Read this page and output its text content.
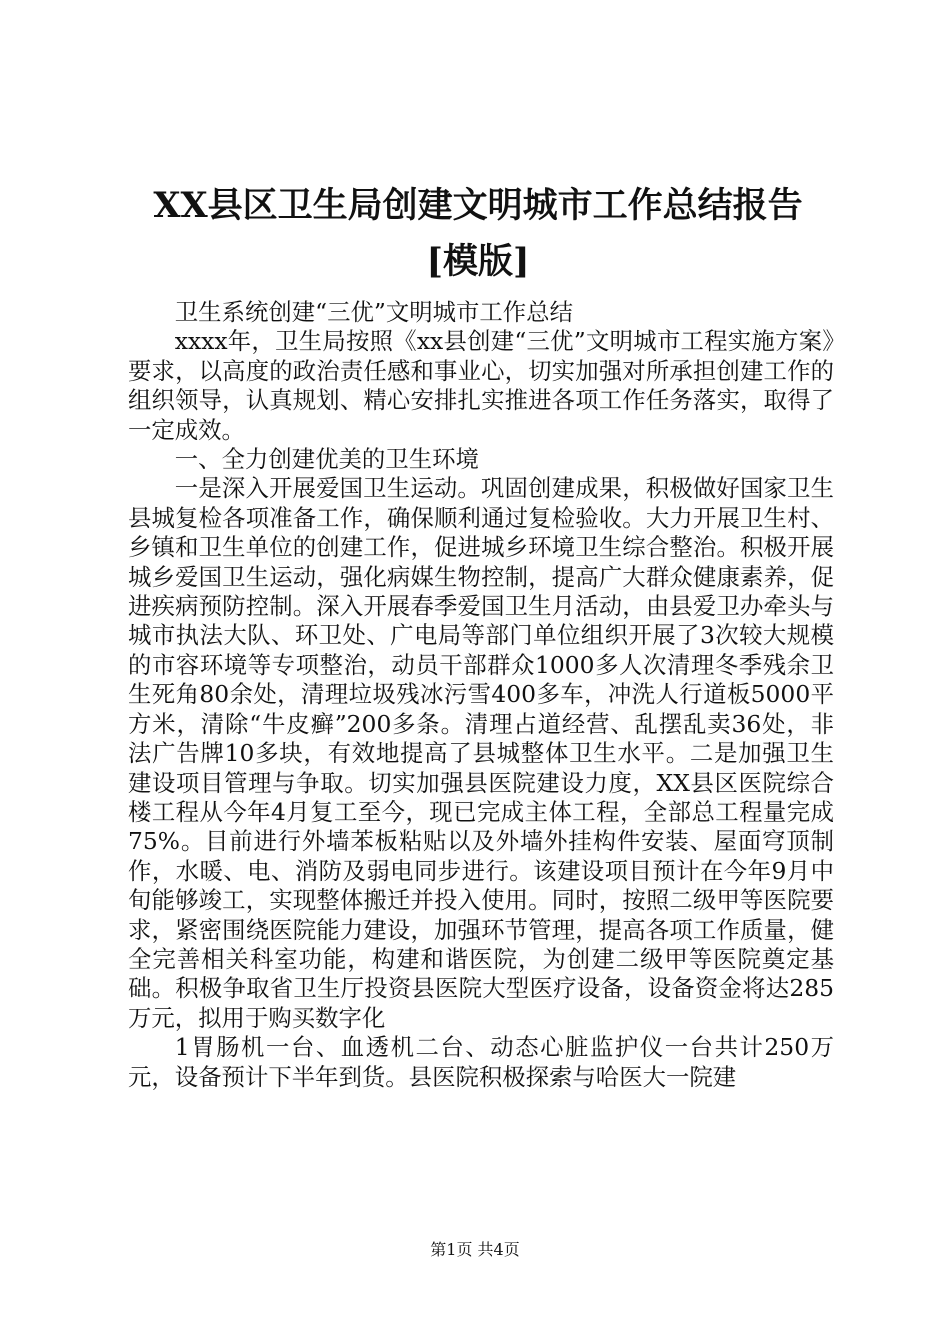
XX县区卫生局创建文明城市工作总结报告[模版]

卫生系统创建“三优”文明城市工作总结

xxxx年，卫生局按照《xx县创建“三优”文明城市工程实施方案》要求，以高度的政治责任感和事业心，切实加强对所承担创建工作的组织领导，认真规划、精心安排扎实推进各项工作任务落实，取得了一定成效。

一、全力创建优美的卫生环境

一是深入开展爱国卫生运动。巩固创建成果，积极做好国家卫生县城复检各项准备工作，确保顺利通过复检验收。大力开展卫生村、乡镇和卫生单位的创建工作，促进城乡环境卫生综合整治。积极开展城乡爱国卫生运动，强化病媒生物控制，提高广大群众健康素养，促进疾病预防控制。深入开展春季爱国卫生月活动，由县爱卫办牵头与城市执法大队、环卫处、广电局等部门单位组织开展了3次较大规模的市容环境等专项整治，动员干部群众1000多人次清理冬季残余卫生死角80余处，清理垃圾残冰污雪400多车，冲洗人行道板5000平方米，清除“牛皮癣”200多条。清理占道经营、乱摆乱卖36处，非法广告牌10多块，有效地提高了县城整体卫生水平。二是加强卫生建设项目管理与争取。切实加强县医院建设力度，XX县区医院综合楼工程从今年4月复工至今，现已完成主体工程，全部总工程量完成75%。目前进行外墙苯板粘贴以及外墙外挂构件安装、屋面穹顶制作，水暖、电、消防及弱电同步进行。该建设项目预计在今年9月中旬能够竣工，实现整体搬迁并投入使用。同时，按照二级甲等医院要求，紧密围绕医院能力建设，加强环节管理，提高各项工作质量，健全完善相关科室功能，构建和谐医院，为创建二级甲等医院奠定基础。积极争取省卫生厅投资县医院大型医疗设备，设备资金将达285万元，拟用于购买数字化

1胃肠机一台、血透机二台、动态心脏监护仪一台共计250万元，设备预计下半年到货。县医院积极探索与哈医大一院建

第1页 共4页
